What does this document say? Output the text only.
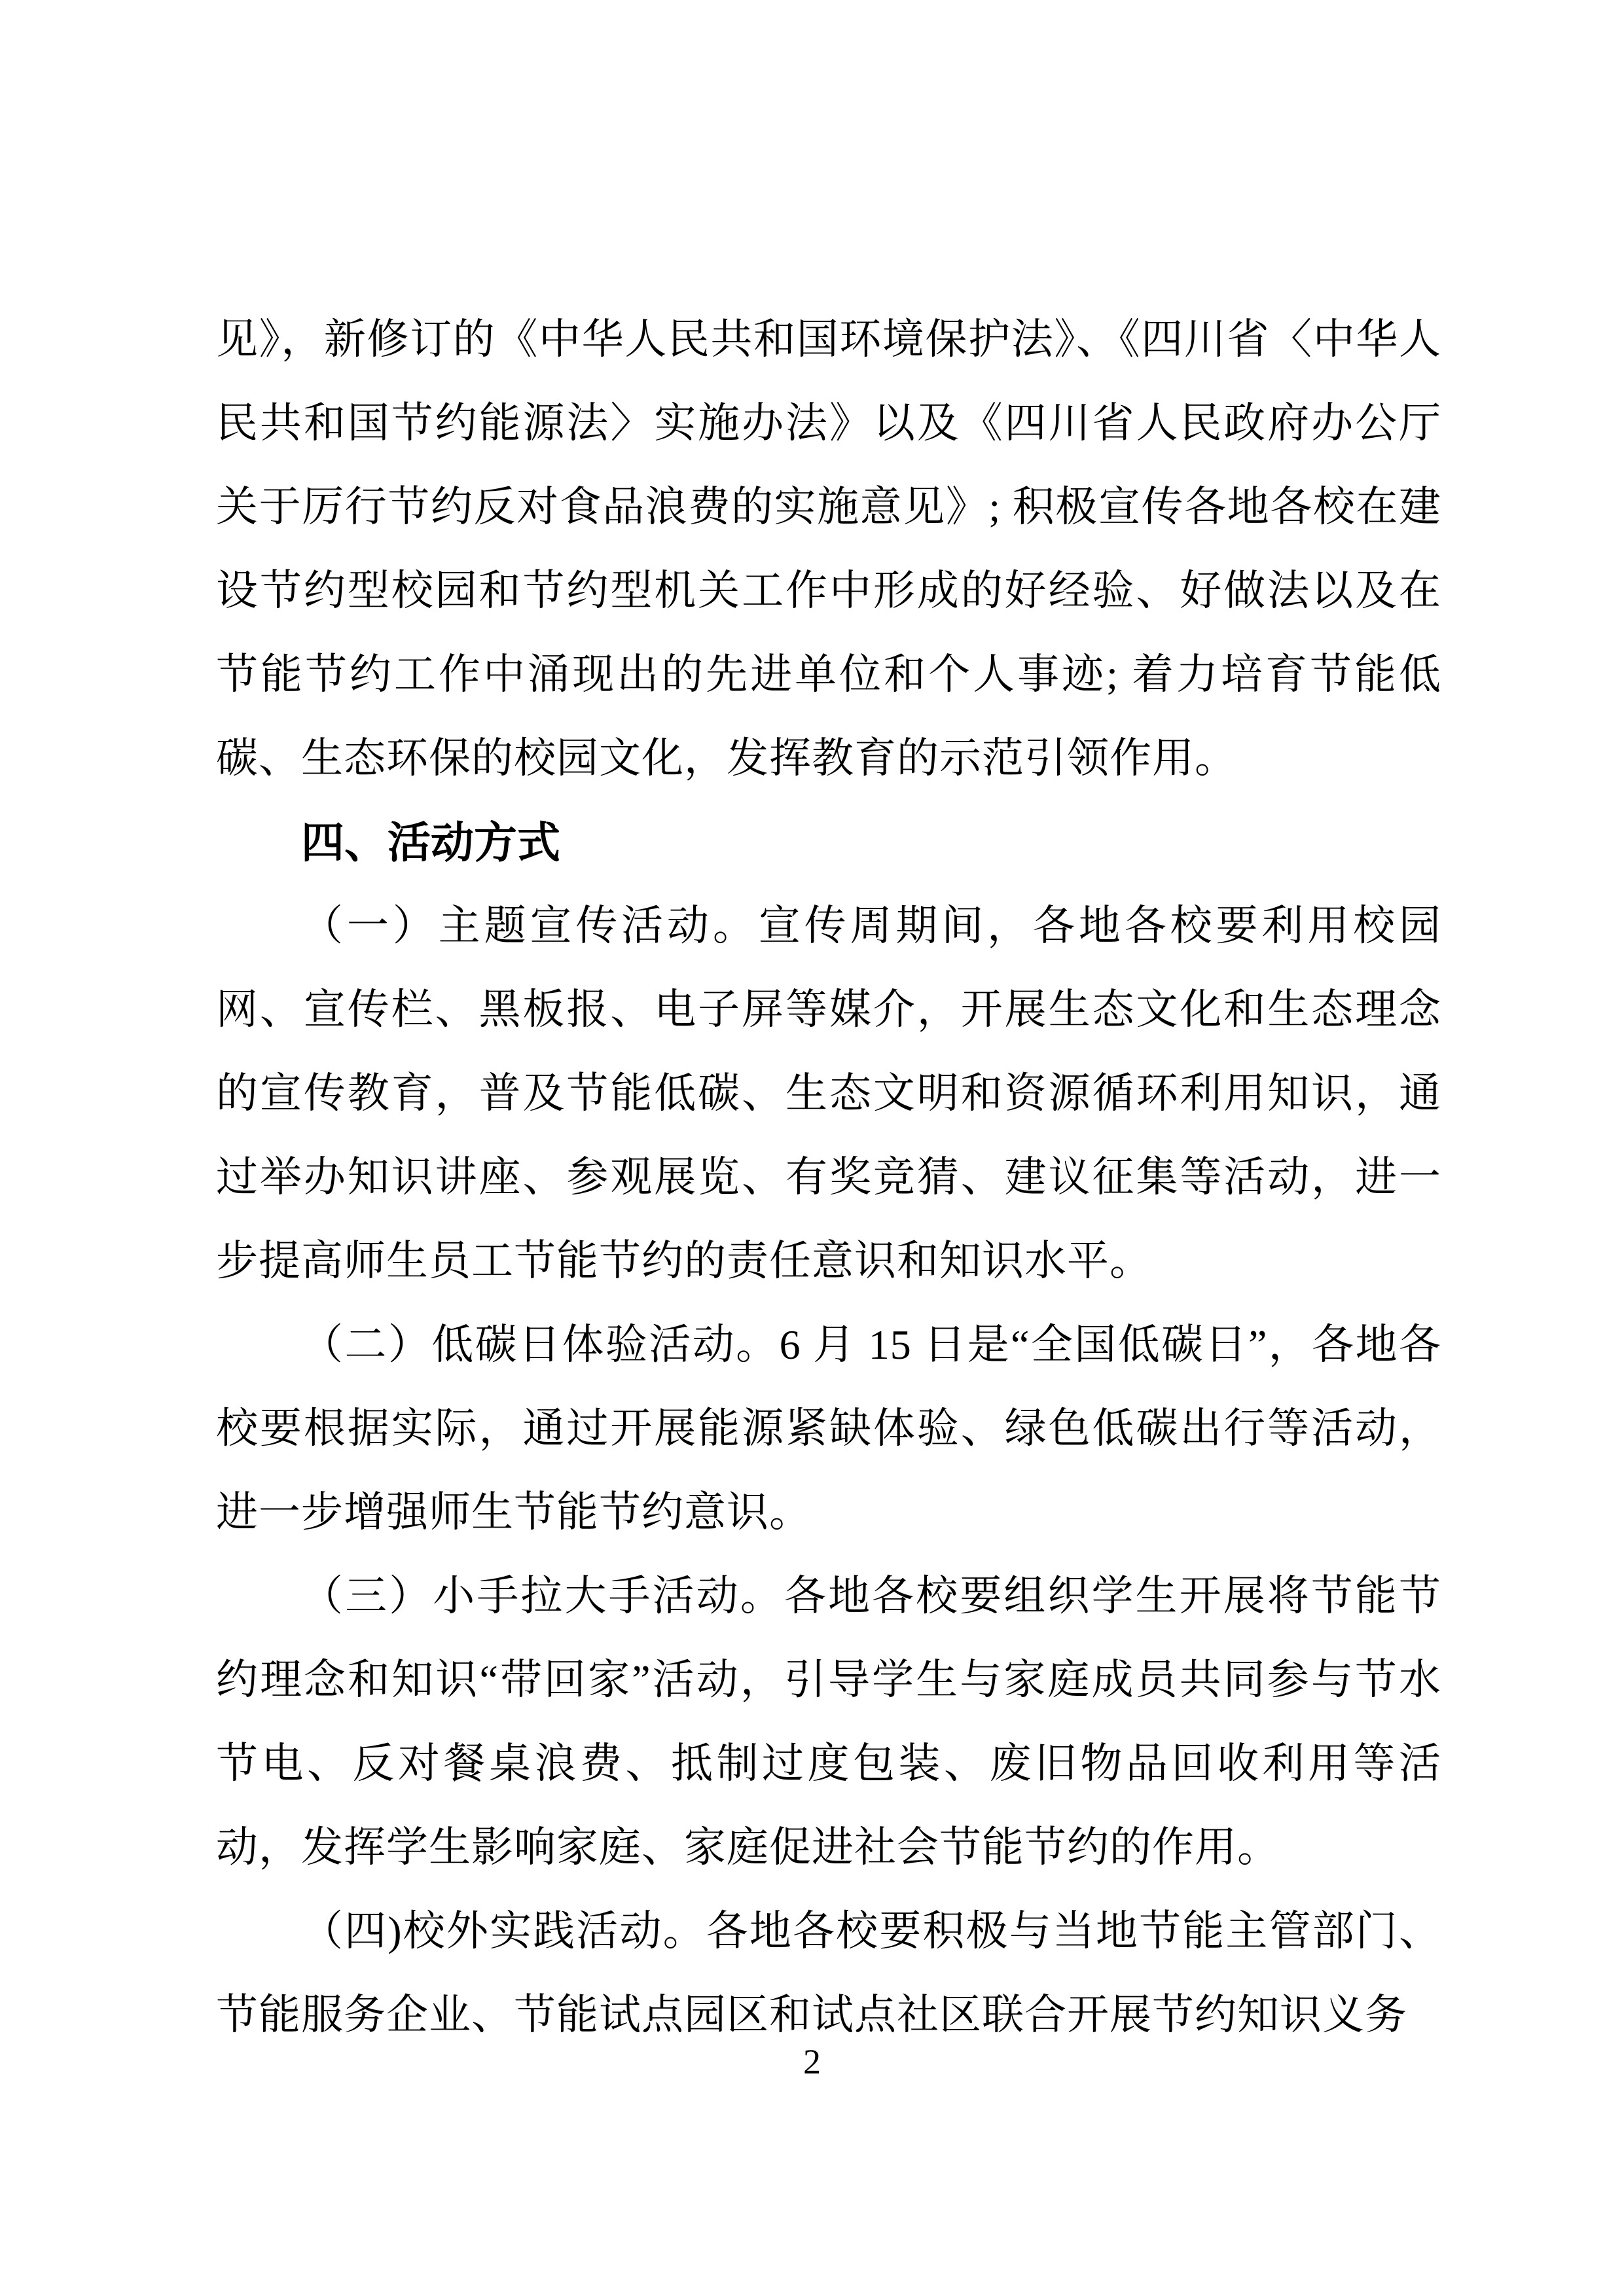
见》，新修订的《中华人民共和国环境保护法》、《四川省〈中华人民共和国节约能源法〉实施办法》以及《四川省人民政府办公厅关于厉行节约反对食品浪费的实施意见》; 积极宣传各地各校在建设节约型校园和节约型机关工作中形成的好经验、好做法以及在节能节约工作中涌现出的先进单位和个人事迹; 着力培育节能低碳、生态环保的校园文化，发挥教育的示范引领作用。

四、活动方式

（一）主题宣传活动。宣传周期间，各地各校要利用校园网、宣传栏、黑板报、电子屏等媒介，开展生态文化和生态理念的宣传教育，普及节能低碳、生态文明和资源循环利用知识，通过举办知识讲座、参观展览、有奖竞猜、建议征集等活动，进一步提高师生员工节能节约的责任意识和知识水平。

（二）低碳日体验活动。6 月 15 日是“全国低碳日”，各地各校要根据实际，通过开展能源紧缺体验、绿色低碳出行等活动，进一步增强师生节能节约意识。

（三）小手拉大手活动。各地各校要组织学生开展将节能节约理念和知识“带回家”活动，引导学生与家庭成员共同参与节水节电、反对餐桌浪费、抵制过度包装、废旧物品回收利用等活动，发挥学生影响家庭、家庭促进社会节能节约的作用。

（四)校外实践活动。各地各校要积极与当地节能主管部门、节能服务企业、节能试点园区和试点社区联合开展节约知识义务

2
